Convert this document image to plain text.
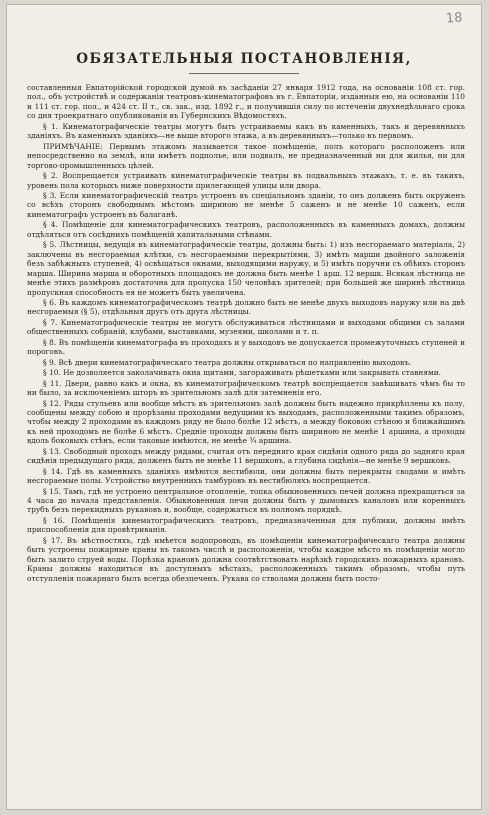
18
ОБЯЗАТЕЛЬНЫЯ ПОСТАНОВЛЕНІЯ,

составленныя Евпаторійской городской думой въ засѣданіи 27 января 1912 года, на основаніи 108 ст. гор. пол., объ устройствѣ и содержаніи театровъ-кинематографовъ въ г. Евпаторіи, изданныя ею, на основаніи 110 и 111 ст. гор. пол., и 424 ст. II т., св. зак., изд. 1892 г., и получившія силу по истеченіи двухнедѣльнаго срока со дня троекратнаго опубликованія въ Губернскихъ Вѣдомостяхъ.

§ 1. Кинематографическіе театры могутъ быть устраиваемы какъ въ каменныхъ, такъ и деревянныхъ зданіяхъ. Въ каменныхъ зданіяхъ—не выше второго этажа, а въ деревянныхъ—только въ первомъ.

ПРИМѢЧАНІЕ: Первымъ этажомъ называется такое помѣщеніе, полъ котораго расположенъ или непосредственно на землѣ, или имѣетъ подполье, или подвалъ, не предназначенный ни для жилья, ни для торгово-промышленныхъ цѣлей.

§ 2. Воспрещается устраивать кинематографическіе театры въ подвальныхъ этажахъ, т. е. въ такихъ, уровень пола которыхъ ниже поверхности прилегающей улицы или двора.

§ 3. Если кинематографическій театръ устроенъ въ спеціальномъ зданіи, то онъ долженъ быть окруженъ со всѣхъ сторонъ свободнымъ мѣстомъ шириною не менѣе 5 саженъ и не менѣе 10 саженъ, если кинематографъ устроенъ въ балаганѣ.

§ 4. Помѣщеніе для кинематографическихъ театровъ, расположенныхъ въ каменныхъ домахъ, должны отдѣляться отъ сосѣднихъ помѣщеній капитальными стѣнами.

§ 5. Лѣстницы, ведущія въ кинематографическіе театры, должны быть: 1) изъ несгораемаго матеріала, 2) заключены въ несгораемыя клѣтки, съ несгораемыми перекрытіями, 3) имѣть марши двойного заложенія безъ забѣжныхъ ступеней, 4) освѣщаться окнами, выходящими наружу, и 5) имѣть поручни съ обѣихъ сторонъ марша. Ширина марша и оборотныхъ площадокъ не должна быть менѣе 1 арш. 12 вершк. Всякая лѣстница не менѣе этихъ размѣровъ достаточна для пропуска 150 человѣкъ зрителей; при большей же ширинѣ лѣстница пропускная способность ея не можетъ быть увеличена.

§ 6. Въ каждомъ кинематографическомъ театрѣ должно быть не менѣе двухъ выходовъ наружу или на двѣ несгораемыя (§ 5), отдѣльныя другъ отъ друга лѣстницы.

§ 7. Кинематографическіе театры не могутъ обслуживаться лѣстницами и выходами общими съ залами общественныхъ собраній, клубами, выставками, музеями, школами и т. п.

§ 8. Въ помѣщеніи кинематографа въ проходахъ и у выходовъ не допускается промежуточныхъ ступеней и пороговъ.

§ 9. Всѣ двери кинематографическаго театра должны открываться по направленію выходовъ.

§ 10. Не дозволяется заколачивать окна щитами, загораживать рѣшетками или закрывать ставнями.

§ 11. Двери, равно какъ и окна, въ кинематографическомъ театрѣ воспрещается завѣшивать чѣмъ бы то ни было, за исключеніемъ шторъ въ зрительномъ залѣ для затемненія его.

§ 12. Ряды стульевъ или вообще мѣстъ въ зрительномъ залѣ должны быть надежно прикрѣплены къ полу, сообщены между собою и прорѣзаны проходами ведущими къ выходамъ, расположенными такимъ образомъ, чтобы между 2 проходами въ каждомъ ряду не было болѣе 12 мѣстъ, а между боковою стѣною и ближайшимъ къ ней проходомъ не болѣе 6 мѣстъ. Средніе проходы должны быть шириною не менѣе 1 аршина, а проходы вдоль боковыхъ стѣнъ, если таковые имѣются, не менѣе ¾ аршина.

§ 13. Свободный проходъ между рядами, считая отъ передняго края сидѣнія одного ряда до задняго края сидѣнія предыдущаго ряда, долженъ быть не менѣе 11 вершковъ, а глубина сидѣнія—не менѣе 9 вершковъ.

§ 14. Гдѣ въ каменныхъ зданіяхъ имѣются вестибюли, они должны быть перекрыты сводами и имѣть несгораемые полы. Устройство внутреннихъ тамбуровъ въ вестибюляхъ воспрещается.

§ 15. Тамъ, гдѣ не устроено центральное отопленіе, топка обыкновенныхъ печей должна прекращаться за 4 часа до начала представленія. Обыкновенныя печи должны быть у дымовыхъ каналовъ или коренныхъ трубъ безъ перекидныхъ рукавовъ и, вообще, содержаться въ полномъ порядкѣ.

§ 16. Помѣщенія кинематографическихъ театровъ, предназначенныя для публики, должны имѣть приспособленія для провѣтриванія.

§ 17. Въ мѣстностяхъ, гдѣ имѣется водопроводъ, въ помѣщеніи кинематографическаго театра должны быть устроены пожарные краны въ такомъ числѣ и расположеніи, чтобы каждое мѣсто въ помѣщеніи могло быть залито струей воды. Порѣзка крановъ должна соотвѣтствовать нарѣзкѣ городскихъ пожарныхъ крановъ. Краны должны находиться въ доступныхъ мѣстахъ, расположенныхъ такимъ образомъ, чтобы путь отступленія пожарнаго былъ всегда обезпеченъ. Рукава со стволами должны быть посто-
